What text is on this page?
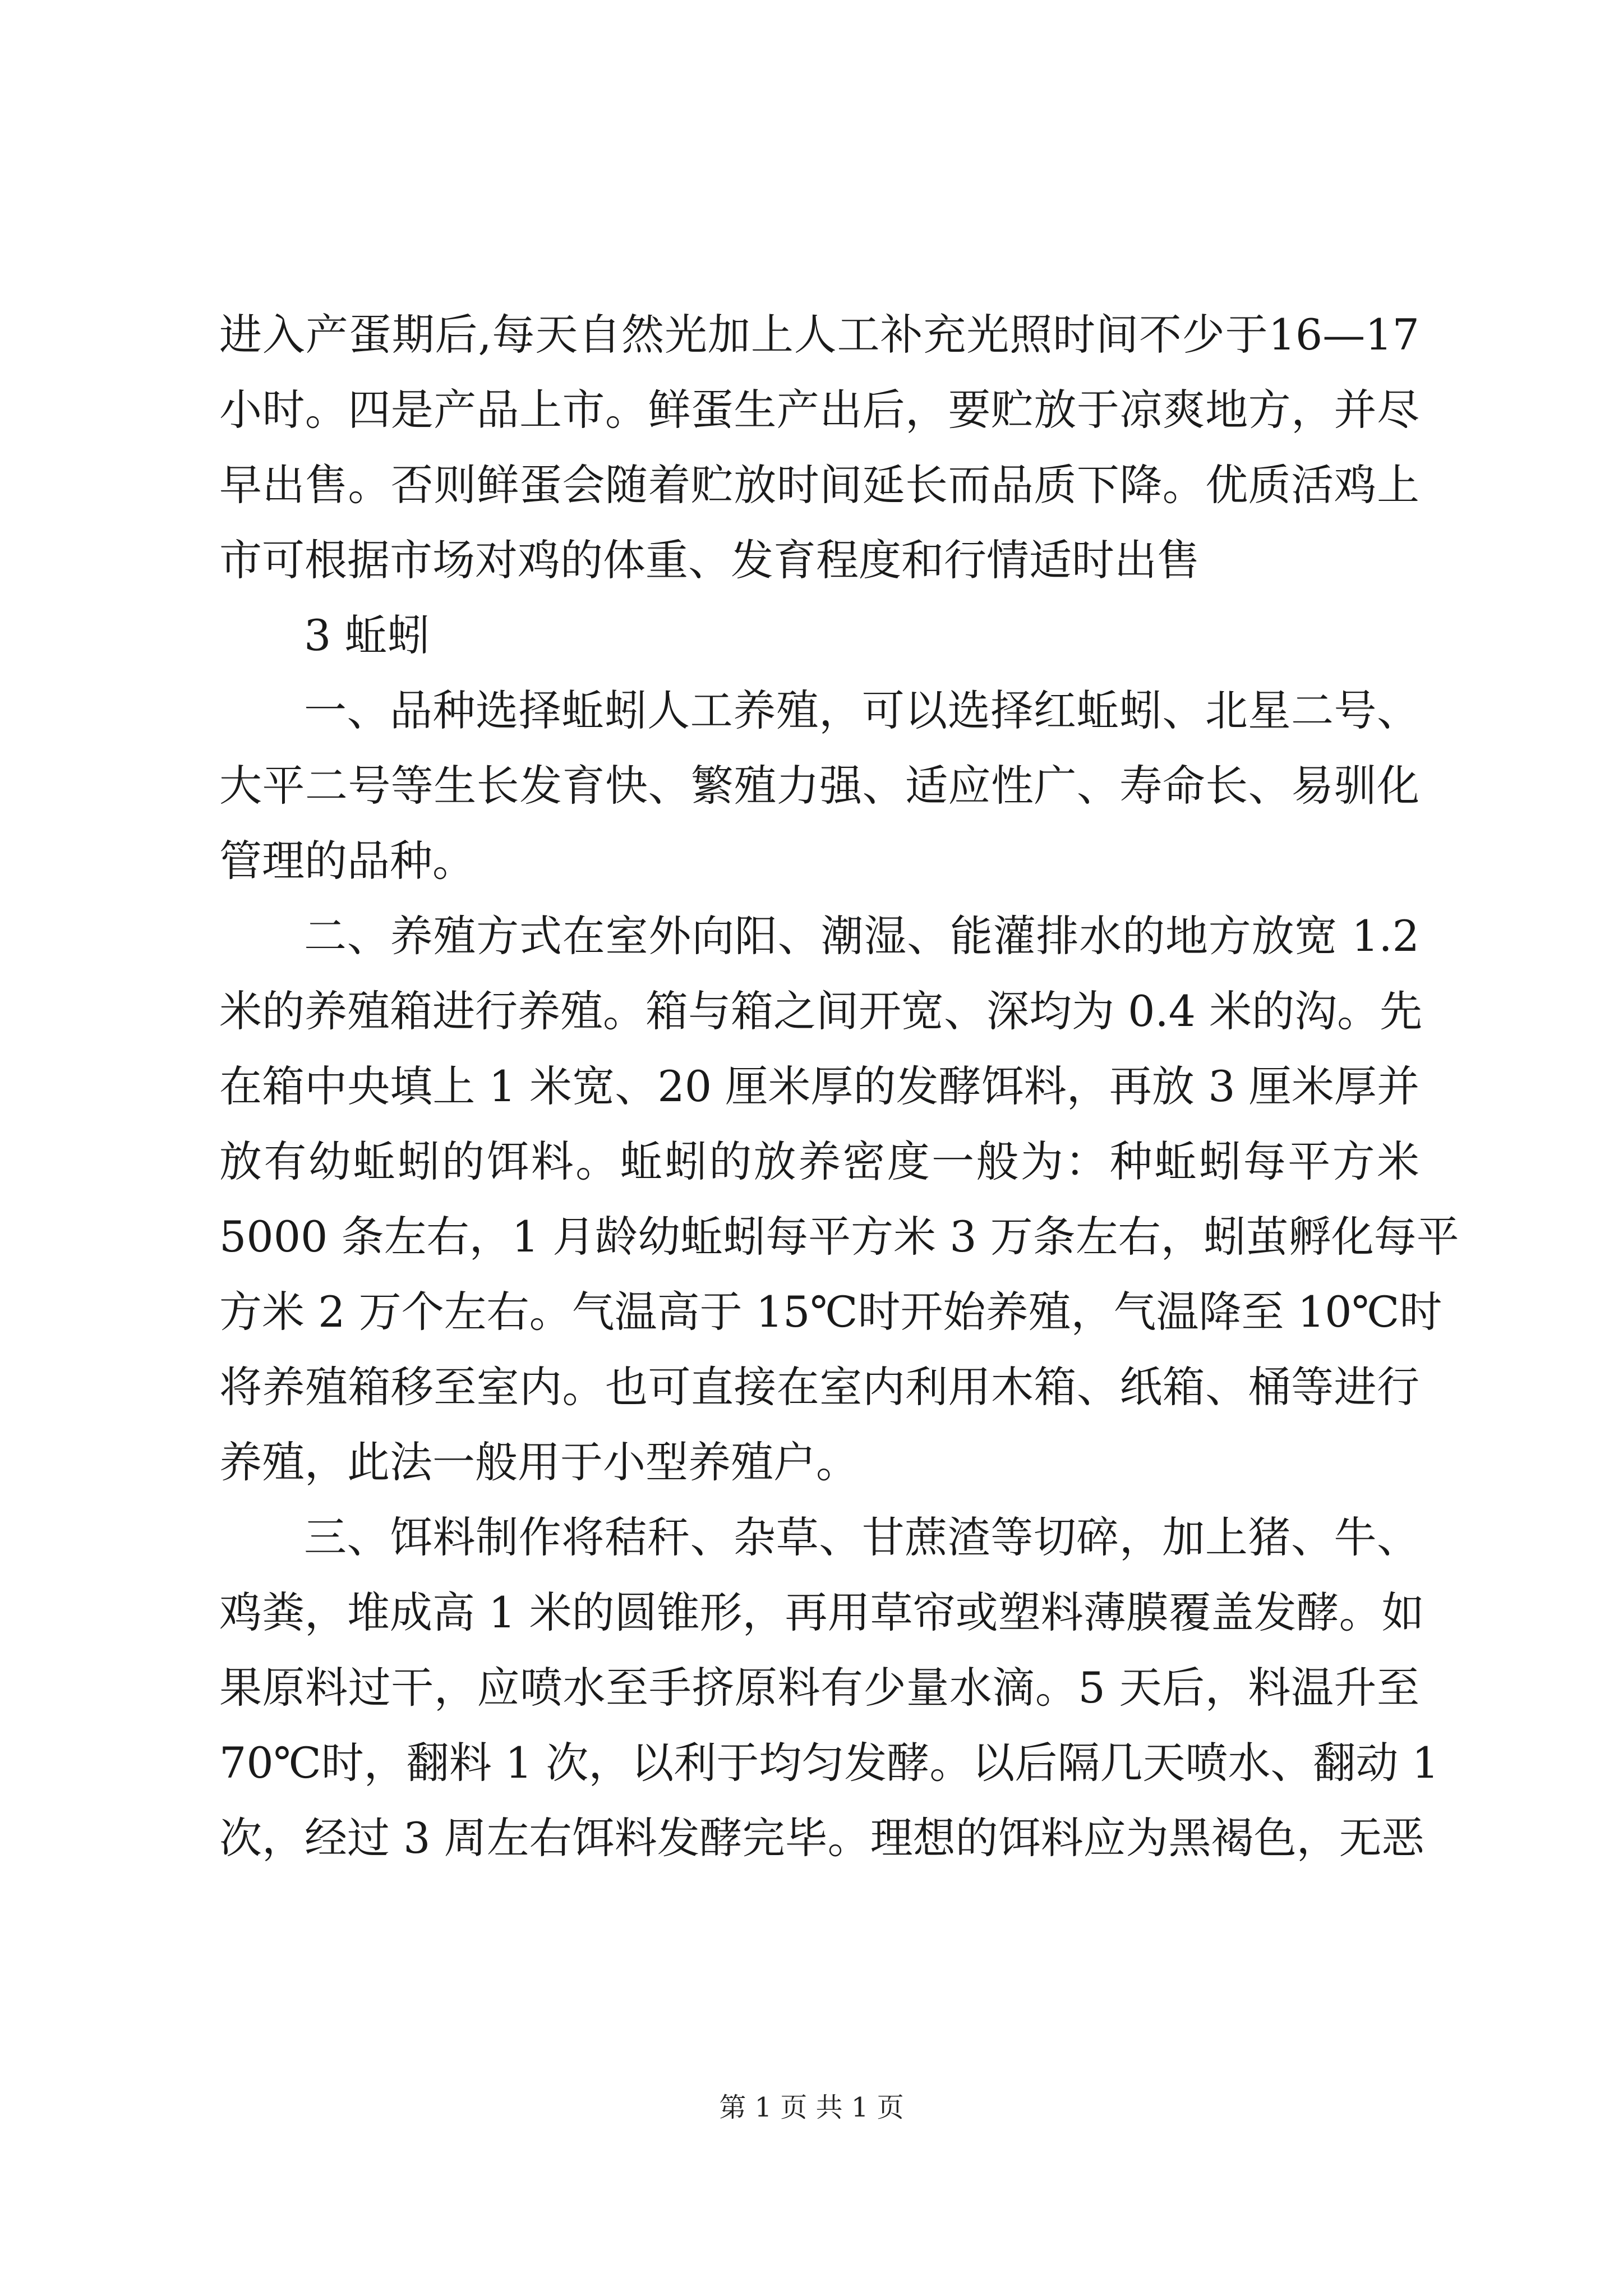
进入产蛋期后,每天自然光加上人工补充光照时间不少于16—17
小时。四是产品上市。鲜蛋生产出后，要贮放于凉爽地方，并尽
早出售。否则鲜蛋会随着贮放时间延长而品质下降。优质活鸡上
市可根据市场对鸡的体重、发育程度和行情适时出售
3 蚯蚓
一、品种选择蚯蚓人工养殖，可以选择红蚯蚓、北星二号、
大平二号等生长发育快、繁殖力强、适应性广、寿命长、易驯化
管理的品种。
二、养殖方式在室外向阳、潮湿、能灌排水的地方放宽 1.2
米的养殖箱进行养殖。箱与箱之间开宽、深均为 0.4 米的沟。先
在箱中央填上 1 米宽、20 厘米厚的发酵饵料，再放 3 厘米厚并
放有幼蚯蚓的饵料。蚯蚓的放养密度一般为：种蚯蚓每平方米
5000 条左右，1 月龄幼蚯蚓每平方米 3 万条左右，蚓茧孵化每平
方米 2 万个左右。气温高于 15℃时开始养殖，气温降至 10℃时
将养殖箱移至室内。也可直接在室内利用木箱、纸箱、桶等进行
养殖，此法一般用于小型养殖户。
三、饵料制作将秸秆、杂草、甘蔗渣等切碎，加上猪、牛、
鸡粪，堆成高 1 米的圆锥形，再用草帘或塑料薄膜覆盖发酵。如
果原料过干，应喷水至手挤原料有少量水滴。5 天后，料温升至
70℃时，翻料 1 次，以利于均匀发酵。以后隔几天喷水、翻动 1
次，经过 3 周左右饵料发酵完毕。理想的饵料应为黑褐色，无恶
第 1 页 共 1 页
